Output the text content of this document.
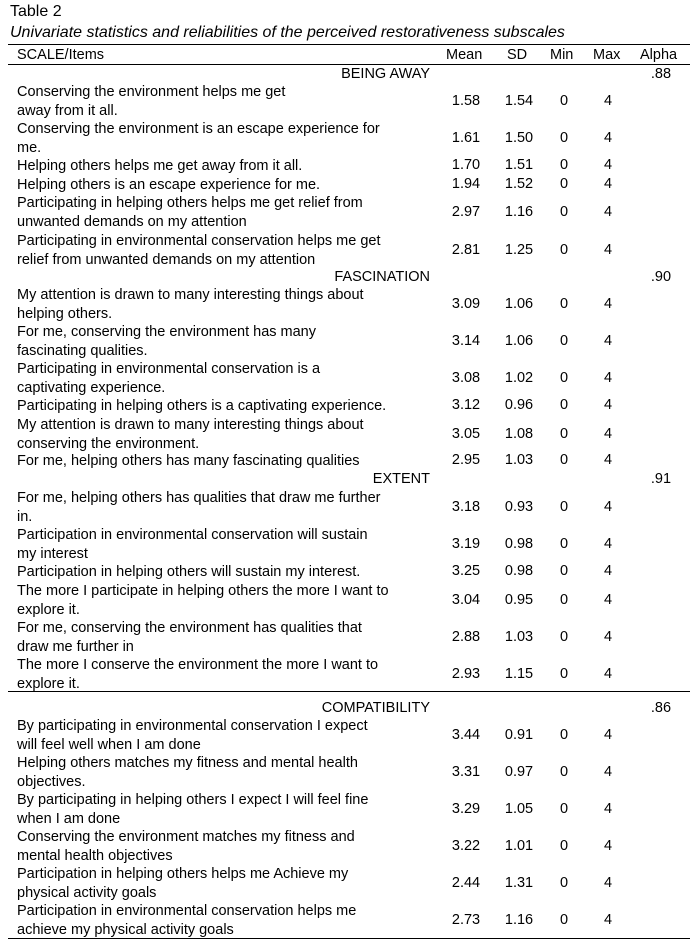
Table 2
Univariate statistics and reliabilities of the perceived restorativeness subscales
SCALE/Items	Mean SD Min Max Alpha
BEING AWAY	.88
Conserving the environment helps me get
away from it all.
1.58	1.54	0	4
Conserving the environment is an escape experience for
me.
1.61	1.50	0	4
Helping others helps me get away from it all.	1.70	1.51	0	4
Helping others is an escape experience for me.	1.94	1.52	0	4
Participating in helping others helps me get relief from
unwanted demands on my attention
2.97	1.16	0	4
Participating in environmental conservation helps me get
relief from unwanted demands on my attention
2.81	1.25	0	4
FASCINATION	.90
My attention is drawn to many interesting things about
helping others.
3.09	1.06	0	4
For me, conserving the environment has many
fascinating qualities.
3.14	1.06	0	4
Participating in environmental conservation is a
captivating experience.
3.08	1.02	0	4
Participating in helping others is a captivating experience.	3.12	0.96	0	4
My attention is drawn to many interesting things about
conserving the environment.
3.05	1.08	0	4
For me, helping others has many fascinating qualities	2.95	1.03	0	4
EXTENT	.91
For me, helping others has qualities that draw me further
in.
3.18	0.93	0	4
Participation in environmental conservation will sustain
my interest
3.19	0.98	0	4
Participation in helping others will sustain my interest.	3.25	0.98	0	4
The more I participate in helping others the more I want to
explore it.
3.04	0.95	0	4
For me, conserving the environment has qualities that
draw me further in
2.88	1.03	0	4
The more I conserve the environment the more I want to
explore it.
2.93	1.15	0	4
COMPATIBILITY	.86
By participating in environmental conservation I expect
will feel well when I am done
3.44	0.91	0	4
Helping others matches my fitness and mental health
objectives.
3.31	0.97	0	4
By participating in helping others I expect I will feel fine
when I am done
3.29	1.05	0	4
Conserving the environment matches my fitness and
mental health objectives
3.22	1.01	0	4
Participation in helping others helps me Achieve my
physical activity goals
2.44	1.31	0	4
Participation in environmental conservation helps me
achieve my physical activity goals
2.73	1.16	0	4
